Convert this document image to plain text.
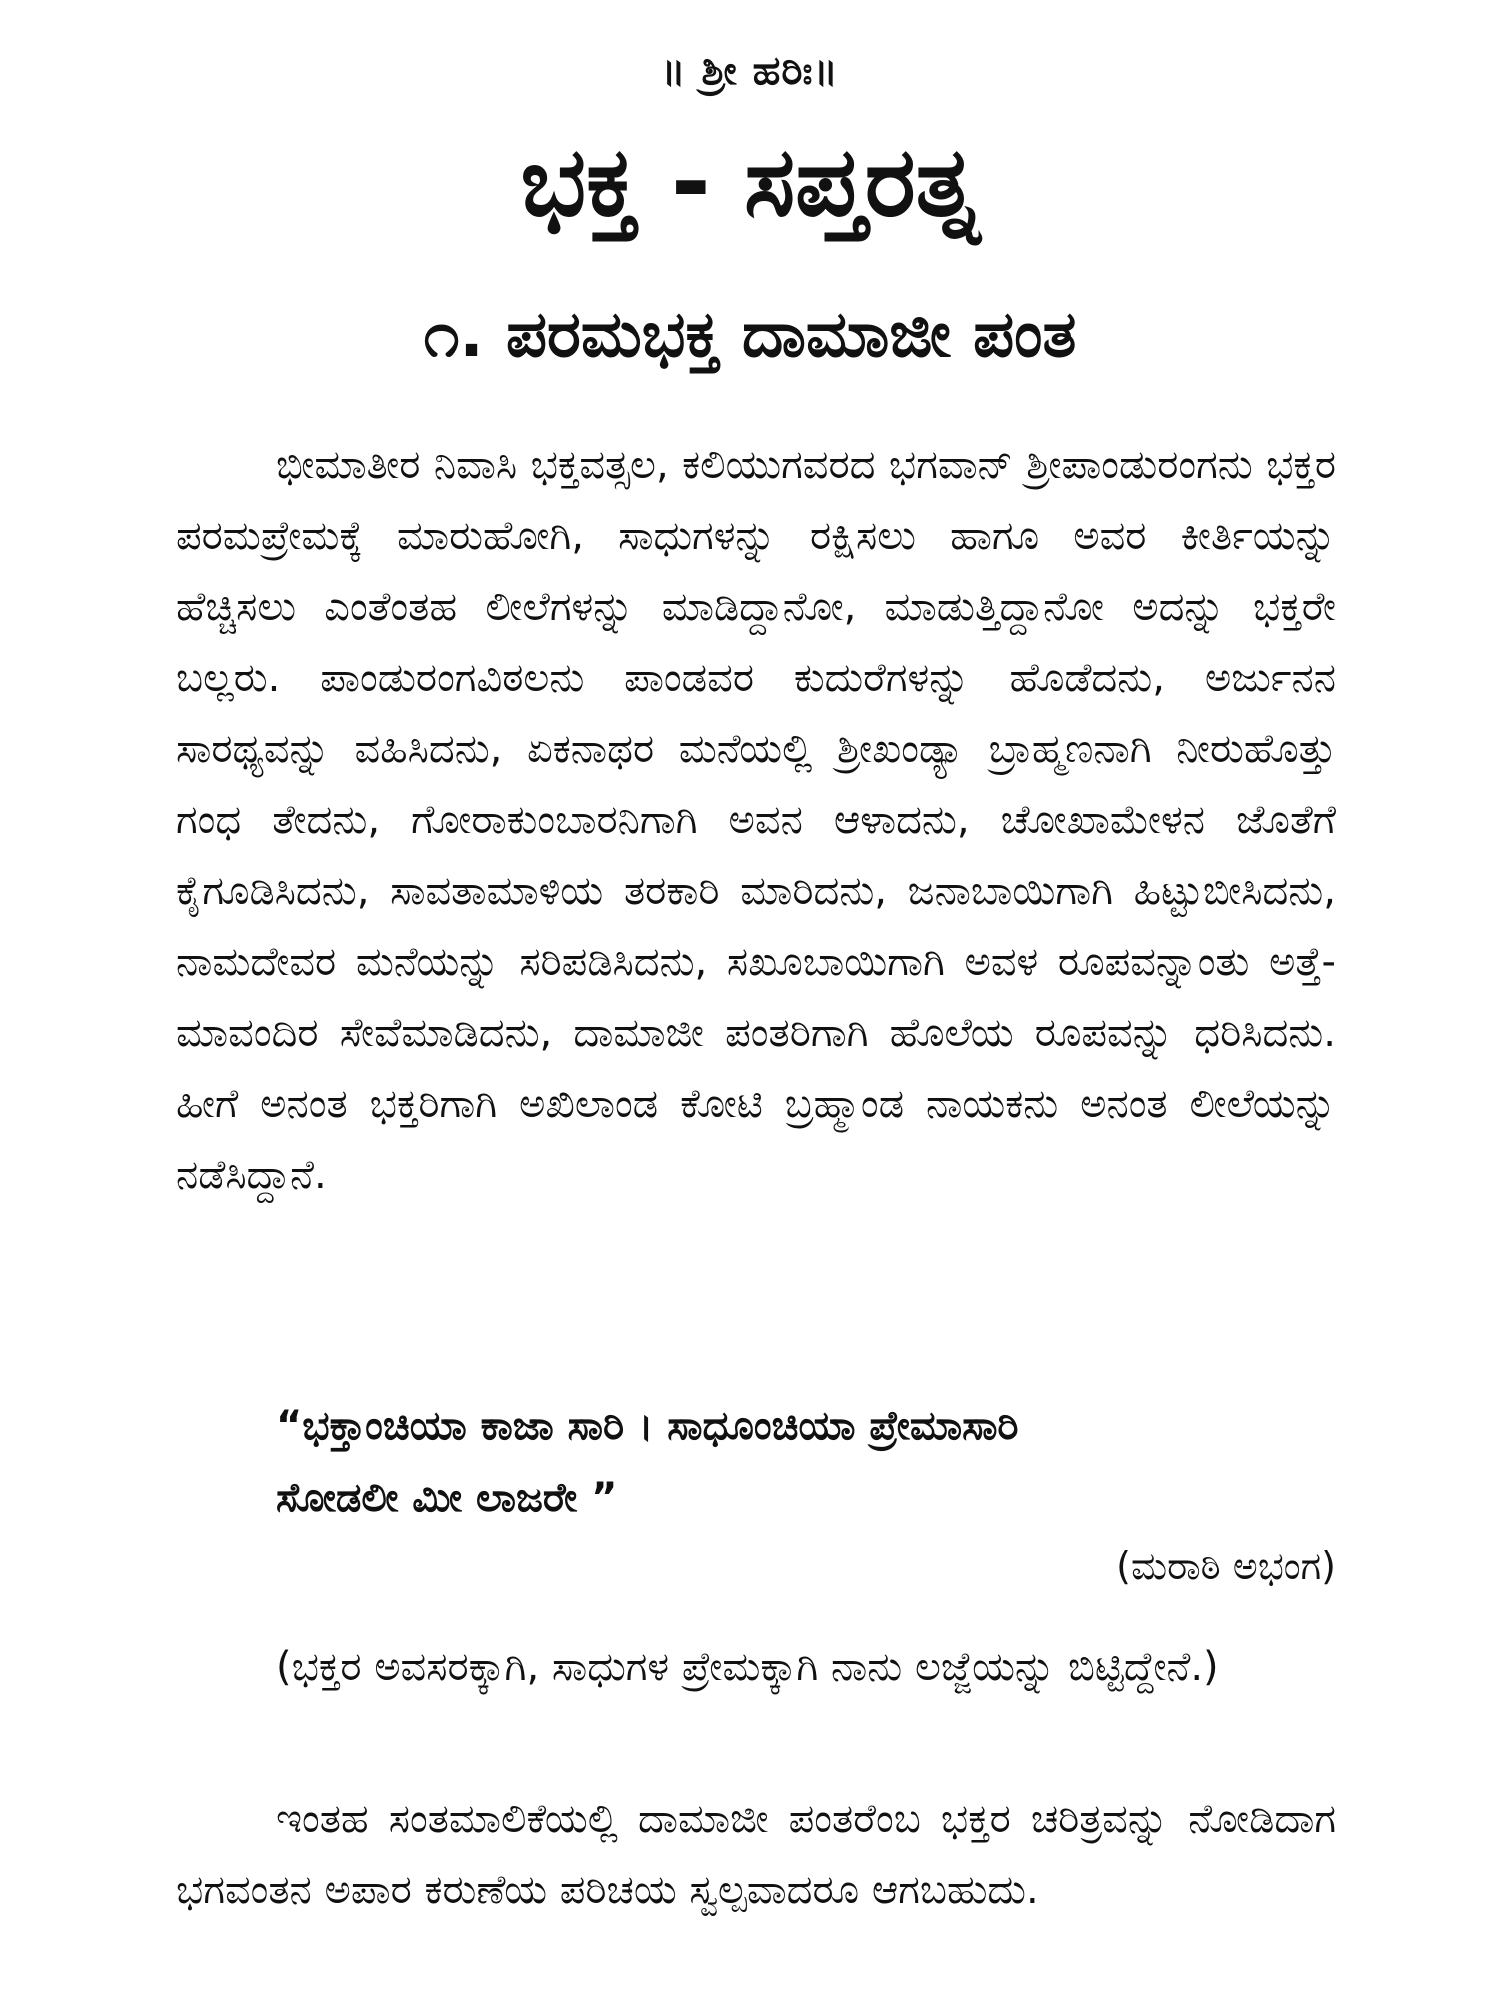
॥ ಶ್ರೀ ಹರಿಃ॥
ಭಕ್ತ - ಸಪ್ತರತ್ನ
೧. ಪರಮಭಕ್ತ ದಾಮಾಜೀ ಪಂತ

ಭೀಮಾತೀರ ನಿವಾಸಿ ಭಕ್ತವತ್ಸಲ, ಕಲಿಯುಗವರದ ಭಗವಾನ್ ಶ್ರೀಪಾಂಡುರಂಗನು ಭಕ್ತರ ಪರಮಪ್ರೇಮಕ್ಕೆ ಮಾರುಹೋಗಿ, ಸಾಧುಗಳನ್ನು ರಕ್ಷಿಸಲು ಹಾಗೂ ಅವರ ಕೀರ್ತಿಯನ್ನು ಹೆಚ್ಚಿಸಲು ಎಂತೆಂತಹ ಲೀಲೆಗಳನ್ನು ಮಾಡಿದ್ದಾನೋ, ಮಾಡುತ್ತಿದ್ದಾನೋ ಅದನ್ನು ಭಕ್ತರೇ ಬಲ್ಲರು. ಪಾಂಡುರಂಗವಿಠಲನು ಪಾಂಡವರ ಕುದುರೆಗಳನ್ನು ಹೊಡೆದನು, ಅರ್ಜುನನ ಸಾರಥ್ಯವನ್ನು ವಹಿಸಿದನು, ಏಕನಾಥರ ಮನೆಯಲ್ಲಿ ಶ್ರೀಖಂಡ್ಯಾ ಬ್ರಾಹ್ಮಣನಾಗಿ ನೀರುಹೊತ್ತು ಗಂಧ ತೇದನು, ಗೋರಾಕುಂಬಾರನಿಗಾಗಿ ಅವನ ಆಳಾದನು, ಚೋಖಾಮೇಳನ ಜೊತೆಗೆ ಕೈಗೂಡಿಸಿದನು, ಸಾವತಾಮಾಳಿಯ ತರಕಾರಿ ಮಾರಿದನು, ಜನಾಬಾಯಿಗಾಗಿ ಹಿಟ್ಟುಬೀಸಿದನು, ನಾಮದೇವರ ಮನೆಯನ್ನು ಸರಿಪಡಿಸಿದನು, ಸಖೂಬಾಯಿಗಾಗಿ ಅವಳ ರೂಪವನ್ನಾಂತು ಅತ್ತೆ-ಮಾವಂದಿರ ಸೇವೆಮಾಡಿದನು, ದಾಮಾಜೀ ಪಂತರಿಗಾಗಿ ಹೊಲೆಯ ರೂಪವನ್ನು ಧರಿಸಿದನು. ಹೀಗೆ ಅನಂತ ಭಕ್ತರಿಗಾಗಿ ಅಖಿಲಾಂಡ ಕೋಟಿ ಬ್ರಹ್ಮಾಂಡ ನಾಯಕನು ಅನಂತ ಲೀಲೆಯನ್ನು ನಡೆಸಿದ್ದಾನೆ.

“ಭಕ್ತಾಂಚಿಯಾ ಕಾಜಾ ಸಾರಿ । ಸಾಧೂಂಚಿಯಾ ಪ್ರೇಮಾಸಾರಿ
ಸೋಡಲೀ ಮೀ ಲಾಜರೇ ”

(ಮರಾಠಿ ಅಭಂಗ)

(ಭಕ್ತರ ಅವಸರಕ್ಕಾಗಿ, ಸಾಧುಗಳ ಪ್ರೇಮಕ್ಕಾಗಿ ನಾನು ಲಜ್ಜೆಯನ್ನು ಬಿಟ್ಟಿದ್ದೇನೆ.)

ಇಂತಹ ಸಂತಮಾಲಿಕೆಯಲ್ಲಿ ದಾಮಾಜೀ ಪಂತರೆಂಬ ಭಕ್ತರ ಚರಿತ್ರವನ್ನು ನೋಡಿದಾಗ ಭಗವಂತನ ಅಪಾರ ಕರುಣೆಯ ಪರಿಚಯ ಸ್ವಲ್ಪವಾದರೂ ಆಗಬಹುದು.
